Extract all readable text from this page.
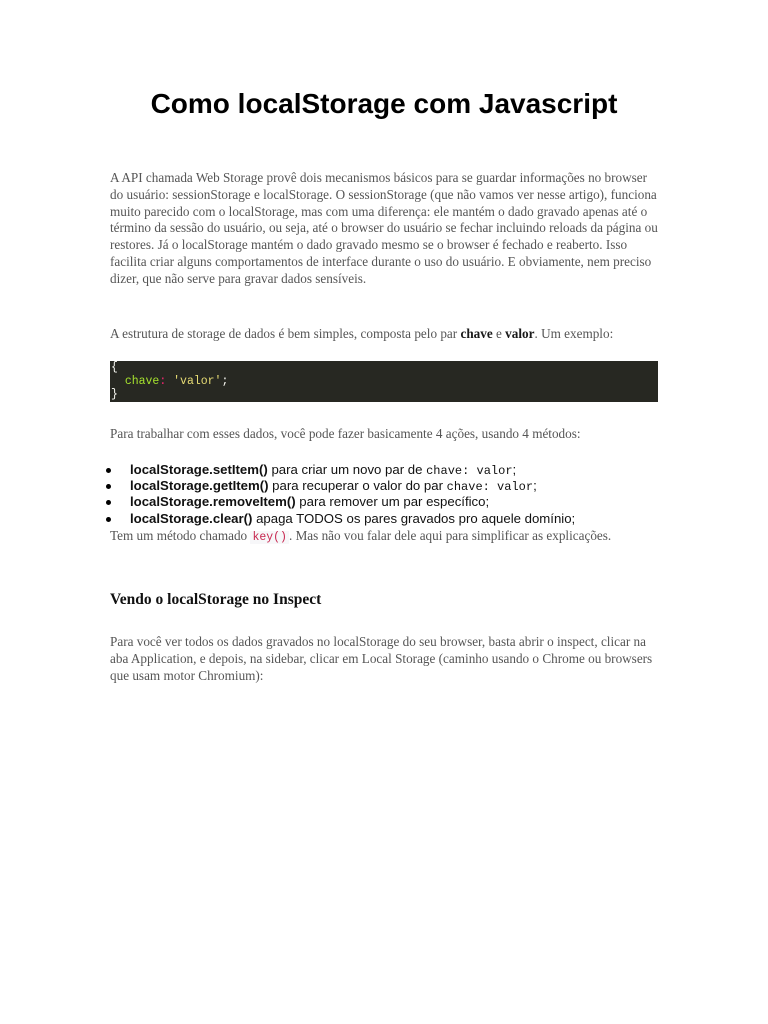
Como localStorage com Javascript

A API chamada Web Storage provê dois mecanismos básicos para se guardar informações no browser do usuário: sessionStorage e localStorage. O sessionStorage (que não vamos ver nesse artigo), funciona muito parecido com o localStorage, mas com uma diferença: ele mantém o dado gravado apenas até o término da sessão do usuário, ou seja, até o browser do usuário se fechar incluindo reloads da página ou restores. Já o localStorage mantém o dado gravado mesmo se o browser é fechado e reaberto. Isso facilita criar alguns comportamentos de interface durante o uso do usuário. E obviamente, nem preciso dizer, que não serve para gravar dados sensíveis.

A estrutura de storage de dados é bem simples, composta pelo par chave e valor. Um exemplo:

{
chave: 'valor';
}

Para trabalhar com esses dados, você pode fazer basicamente 4 ações, usando 4 métodos:

localStorage.setItem() para criar um novo par de chave: valor;
localStorage.getItem() para recuperar o valor do par chave: valor;
localStorage.removeItem() para remover um par específico;
localStorage.clear() apaga TODOS os pares gravados pro aquele domínio;

Tem um método chamado key() . Mas não vou falar dele aqui para simplificar as explicações.

Vendo o localStorage no Inspect

Para você ver todos os dados gravados no localStorage do seu browser, basta abrir o inspect, clicar na aba Application, e depois, na sidebar, clicar em Local Storage (caminho usando o Chrome ou browsers que usam motor Chromium):
